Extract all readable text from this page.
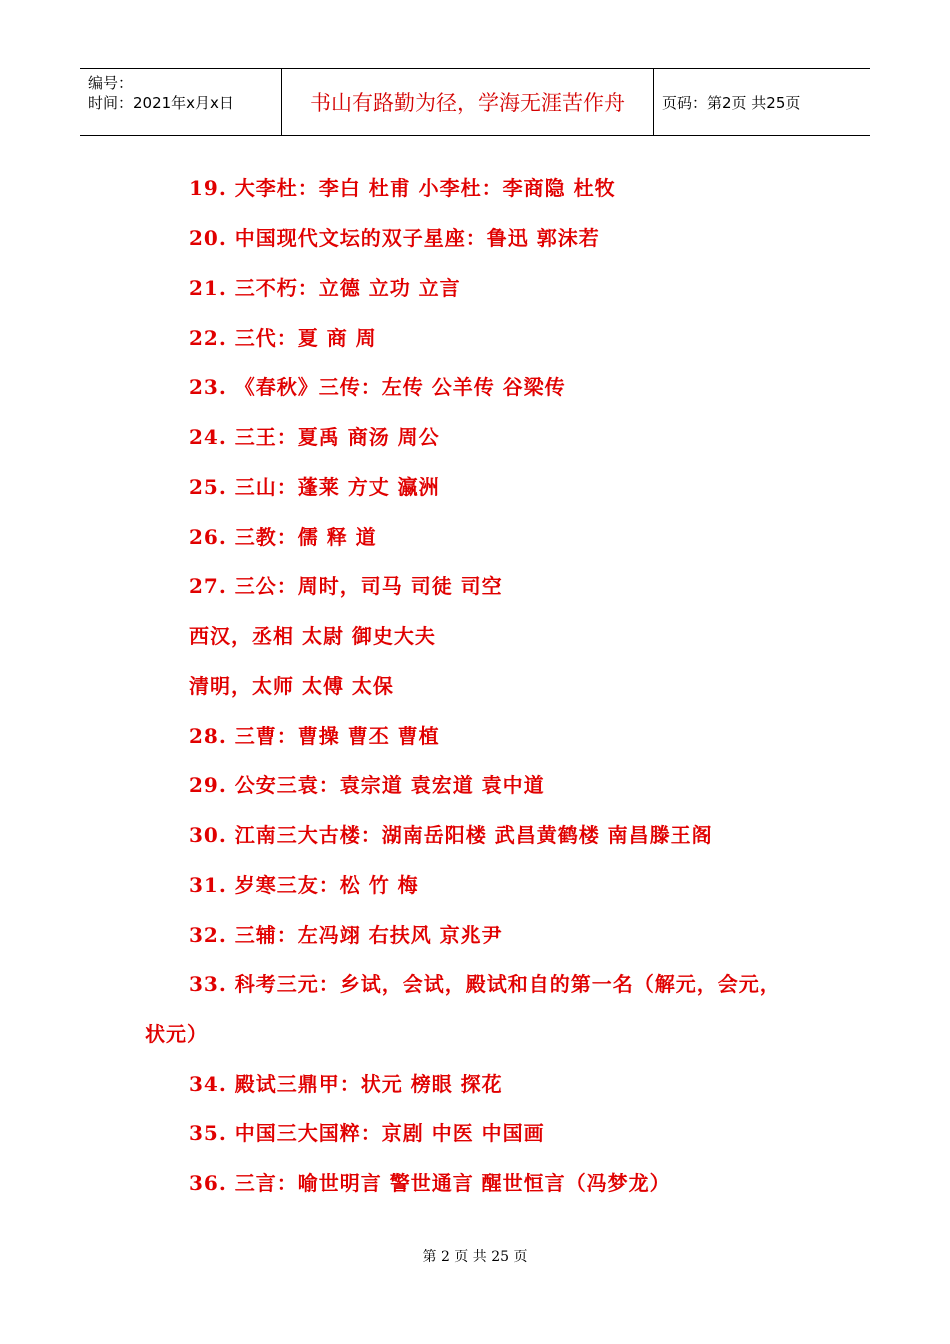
编号：
时间：2021年x月x日	书山有路勤为径，学海无涯苦作舟	页码：第2页 共25页
19. 大李杜：李白 杜甫 小李杜：李商隐 杜牧
20. 中国现代文坛的双子星座：鲁迅 郭沫若
21. 三不朽：立德 立功 立言
22. 三代：夏 商 周
23. 《春秋》三传：左传 公羊传 谷梁传
24. 三王：夏禹 商汤 周公
25. 三山：蓬莱 方丈 瀛洲
26. 三教：儒 释 道
27. 三公：周时，司马 司徒 司空
西汉，丞相 太尉 御史大夫
清明，太师 太傅 太保
28. 三曹：曹操 曹丕 曹植
29. 公安三袁：袁宗道 袁宏道 袁中道
30. 江南三大古楼：湖南岳阳楼 武昌黄鹤楼 南昌滕王阁
31. 岁寒三友：松 竹 梅
32. 三辅：左冯翊 右扶风 京兆尹
33. 科考三元：乡试，会试，殿试和自的第一名（解元，会元，
状元）
34. 殿试三鼎甲：状元 榜眼 探花
35. 中国三大国粹：京剧 中医 中国画
36. 三言：喻世明言 警世通言 醒世恒言（冯梦龙）
第 2 页 共 25 页
